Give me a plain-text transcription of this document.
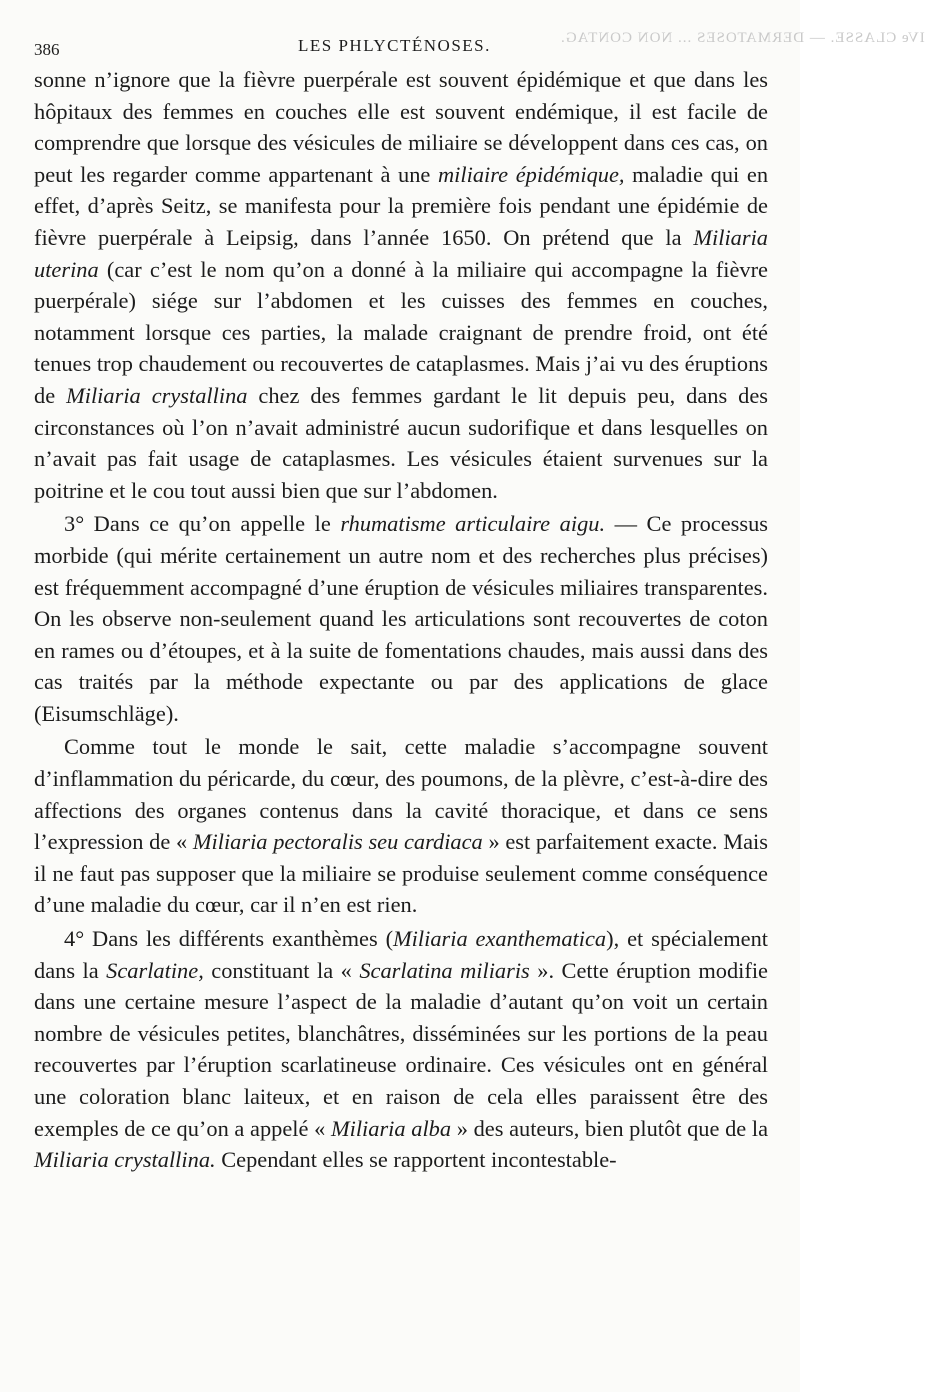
IVe CLASSE. — DERMATOSES ... NON CONTAG.
386	LES PHLYCTÉNOSES.

sonne n’ignore que la fièvre puerpérale est souvent épidémique et que dans les hôpitaux des femmes en couches elle est souvent endémique, il est facile de comprendre que lorsque des vésicules de miliaire se développent dans ces cas, on peut les regarder comme appartenant à une miliaire épidémique, maladie qui en effet, d’après Seitz, se manifesta pour la première fois pendant une épidémie de fièvre puerpérale à Leipsig, dans l’année 1650. On prétend que la Miliaria uterina (car c’est le nom qu’on a donné à la miliaire qui accompagne la fièvre puerpérale) siége sur l’abdomen et les cuisses des femmes en couches, notamment lorsque ces parties, la malade craignant de prendre froid, ont été tenues trop chaudement ou recouvertes de cataplasmes. Mais j’ai vu des éruptions de Miliaria crystallina chez des femmes gardant le lit depuis peu, dans des circonstances où l’on n’avait administré aucun sudorifique et dans lesquelles on n’avait pas fait usage de cataplasmes. Les vésicules étaient survenues sur la poitrine et le cou tout aussi bien que sur l’abdomen.

3° Dans ce qu’on appelle le rhumatisme articulaire aigu. — Ce processus morbide (qui mérite certainement un autre nom et des recherches plus précises) est fréquemment accompagné d’une éruption de vésicules miliaires transparentes. On les observe non-seulement quand les articulations sont recouvertes de coton en rames ou d’étoupes, et à la suite de fomentations chaudes, mais aussi dans des cas traités par la méthode expectante ou par des applications de glace (Eisumschläge).

Comme tout le monde le sait, cette maladie s’accompagne souvent d’inflammation du péricarde, du cœur, des poumons, de la plèvre, c’est-à-dire des affections des organes contenus dans la cavité thoracique, et dans ce sens l’expression de « Miliaria pectoralis seu cardiaca » est parfaitement exacte. Mais il ne faut pas supposer que la miliaire se produise seulement comme conséquence d’une maladie du cœur, car il n’en est rien.

4° Dans les différents exanthèmes (Miliaria exanthematica), et spécialement dans la Scarlatine, constituant la « Scarlatina miliaris ». Cette éruption modifie dans une certaine mesure l’aspect de la maladie d’autant qu’on voit un certain nombre de vésicules petites, blanchâtres, disséminées sur les portions de la peau recouvertes par l’éruption scarlatineuse ordinaire. Ces vésicules ont en général une coloration blanc laiteux, et en raison de cela elles paraissent être des exemples de ce qu’on a appelé « Miliaria alba » des auteurs, bien plutôt que de la Miliaria crystallina. Cependant elles se rapportent incontestable-
